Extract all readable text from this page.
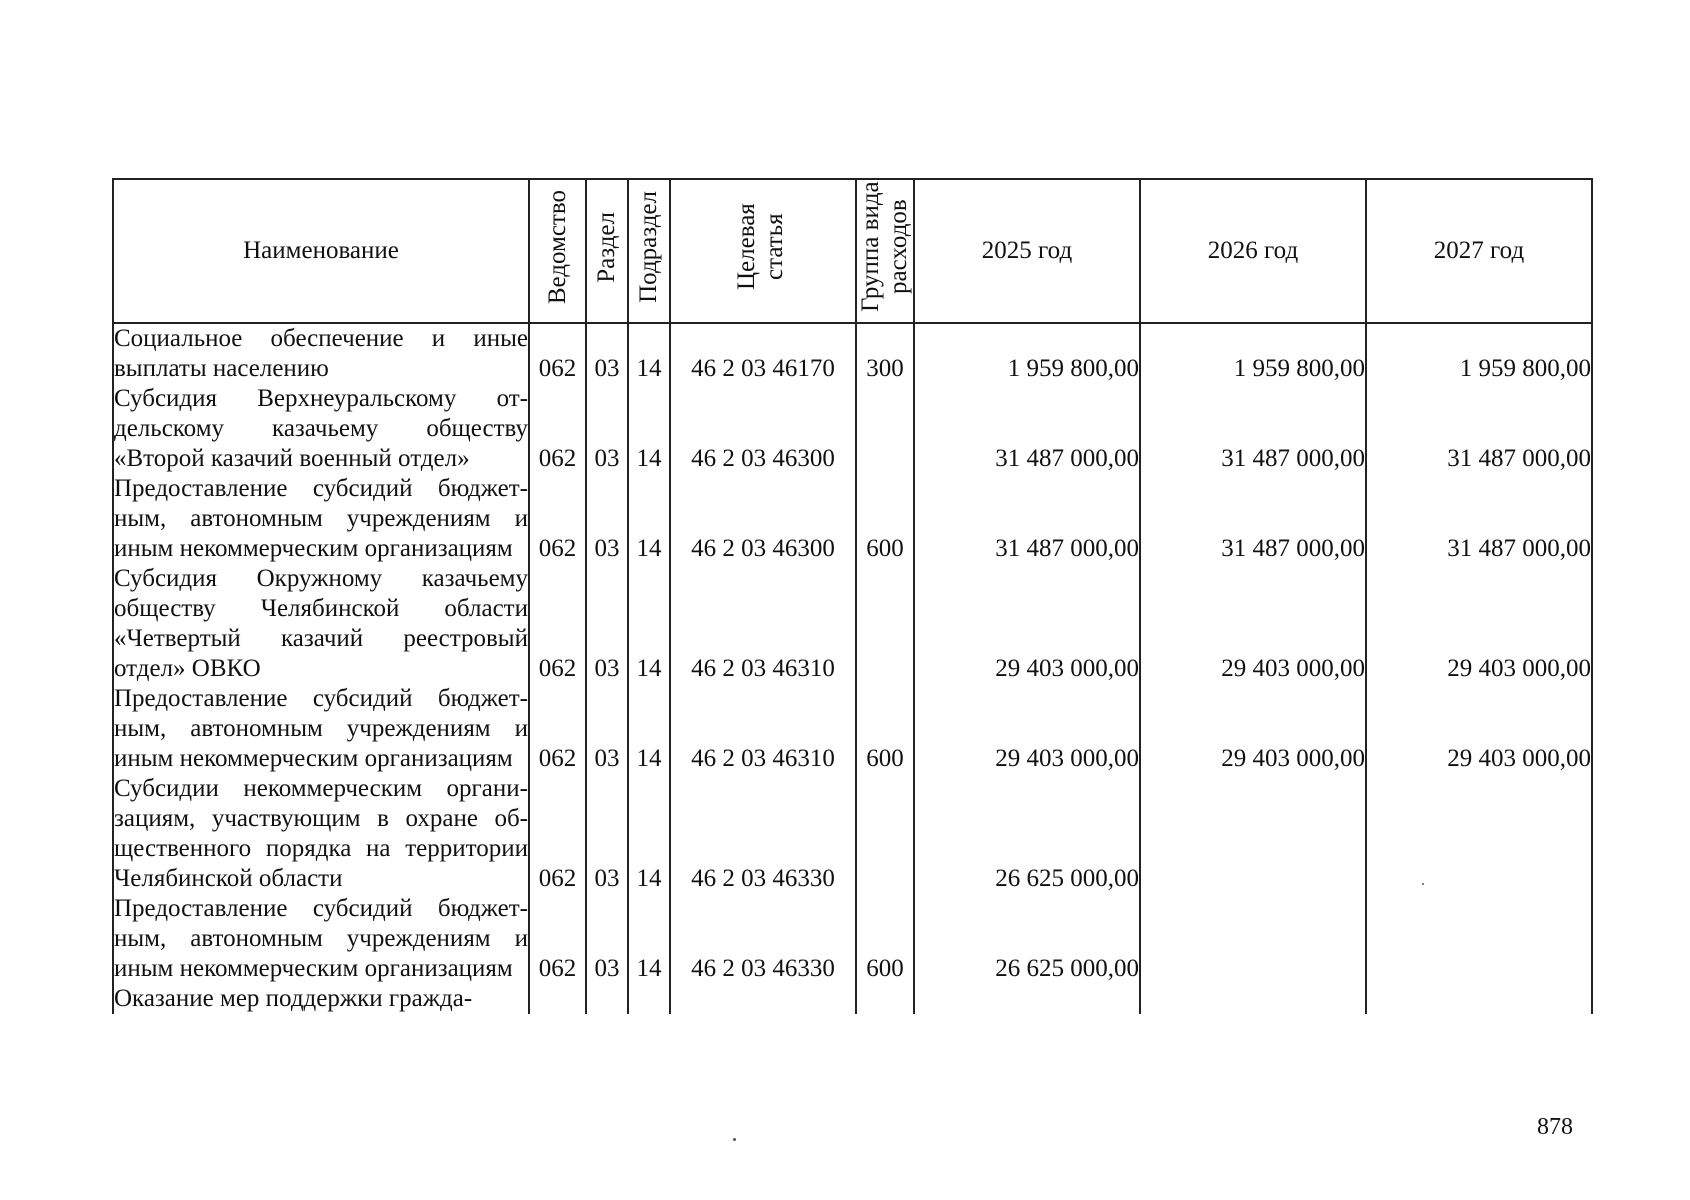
Наименование	Ведомство	Раздел	Подраздел	Целевая статья	Группа вида расходов	2025 год	2026 год	2027 год
Социальное обеспечение и иные выплаты населению	062	03	14	46 2 03 46170	300	1 959 800,00	1 959 800,00	1 959 800,00
Субсидия Верхнеуральскому отдельскому казачьему обществу «Второй казачий военный отдел»	062	03	14	46 2 03 46300		31 487 000,00	31 487 000,00	31 487 000,00
Предоставление субсидий бюджетным, автономным учреждениям и иным некоммерческим организациям	062	03	14	46 2 03 46300	600	31 487 000,00	31 487 000,00	31 487 000,00
Субсидия Окружному казачьему обществу Челябинской области «Четвертый казачий реестровый отдел» ОВКО	062	03	14	46 2 03 46310		29 403 000,00	29 403 000,00	29 403 000,00
Предоставление субсидий бюджетным, автономным учреждениям и иным некоммерческим организациям	062	03	14	46 2 03 46310	600	29 403 000,00	29 403 000,00	29 403 000,00
Субсидии некоммерческим организациям, участвующим в охране общественного порядка на территории Челябинской области	062	03	14	46 2 03 46330		26 625 000,00		
Предоставление субсидий бюджетным, автономным учреждениям и иным некоммерческим организациям	062	03	14	46 2 03 46330	600	26 625 000,00		
Оказание мер поддержки гражда-								
878
